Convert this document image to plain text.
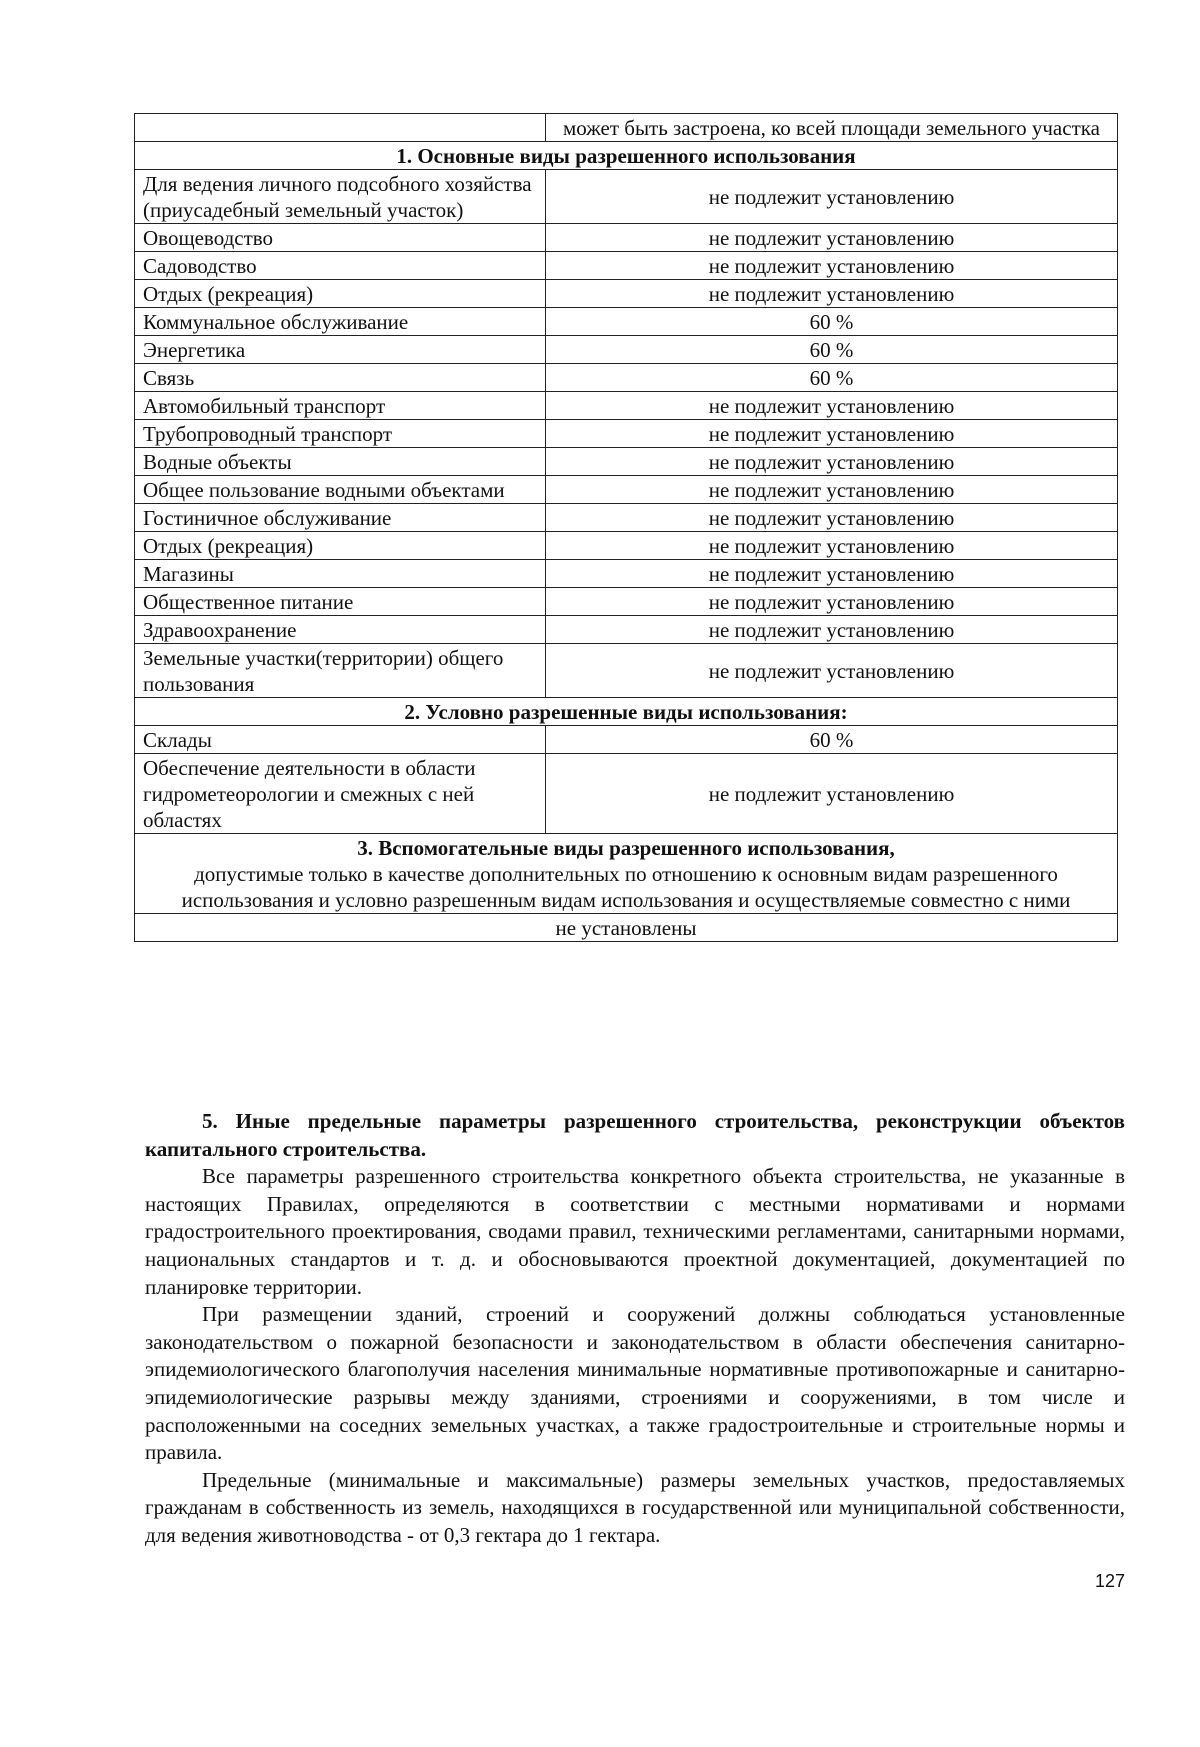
	может быть застроена, ко всей площади земельного участка
1. Основные виды разрешенного использования	
Для ведения личного подсобного хозяйства (приусадебный земельный участок)	не подлежит установлению
Овощеводство	не подлежит установлению
Садоводство	не подлежит установлению
Отдых (рекреация)	не подлежит установлению
Коммунальное обслуживание	60 %
Энергетика	60 %
Связь	60 %
Автомобильный транспорт	не подлежит установлению
Трубопроводный транспорт	не подлежит установлению
Водные объекты	не подлежит установлению
Общее пользование водными объектами	не подлежит установлению
Гостиничное обслуживание	не подлежит установлению
Отдых (рекреация)	не подлежит установлению
Магазины	не подлежит установлению
Общественное питание	не подлежит установлению
Здравоохранение	не подлежит установлению
Земельные участки(территории) общего пользования	не подлежит установлению
2. Условно разрешенные виды использования:	
Склады	60 %
Обеспечение деятельности в области гидрометеорологии и смежных с ней областях	не подлежит установлению
3. Вспомогательные виды разрешенного использования,
допустимые только в качестве дополнительных по отношению к основным видам разрешенного использования и условно разрешенным видам использования и осуществляемые совместно с ними	

не установлены	

5. Иные предельные параметры разрешенного строительства, реконструкции объектов капитального строительства.

Все параметры разрешенного строительства конкретного объекта строительства, не указанные в настоящих Правилах, определяются в соответствии с местными нормативами и нормами градостроительного проектирования, сводами правил, техническими регламентами, санитарными нормами, национальных стандартов и т. д. и обосновываются проектной документацией, документацией по планировке территории.

При размещении зданий, строений и сооружений должны соблюдаться установленные законодательством о пожарной безопасности и законодательством в области обеспечения санитарно-эпидемиологического благополучия населения минимальные нормативные противопожарные и санитарно-эпидемиологические разрывы между зданиями, строениями и сооружениями, в том числе и расположенными на соседних земельных участках, а также градостроительные и строительные нормы и правила.

Предельные (минимальные и максимальные) размеры земельных участков, предоставляемых гражданам в собственность из земель, находящихся в государственной или муниципальной собственности, для ведения животноводства - от 0,3 гектара до 1 гектара.

127
